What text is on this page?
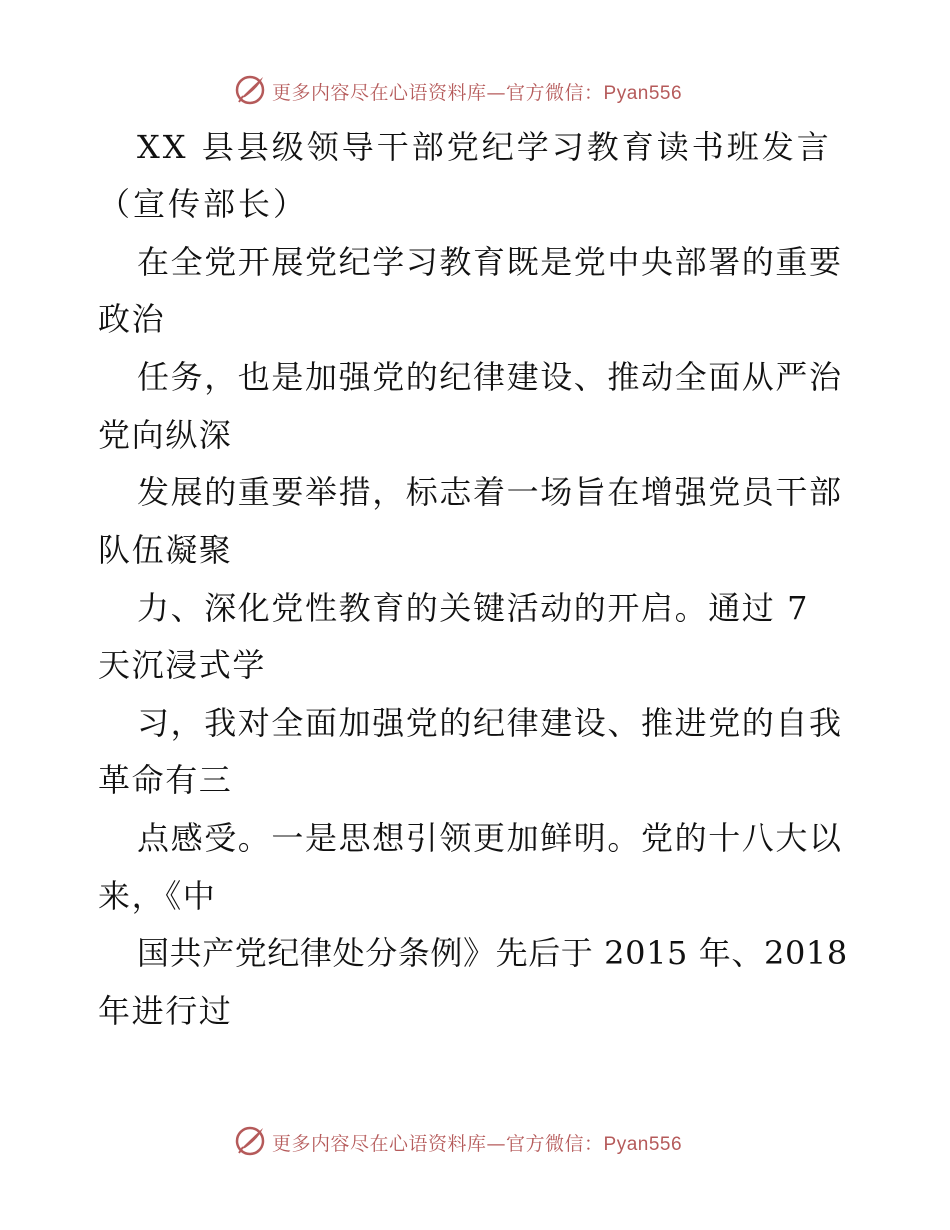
更多内容尽在心语资料库—官方微信：Pyan556
XX 县县级领导干部党纪学习教育读书班发言
（宣传部长）
在全党开展党纪学习教育既是党中央部署的重要
政治
任务，也是加强党的纪律建设、推动全面从严治
党向纵深
发展的重要举措，标志着一场旨在增强党员干部
队伍凝聚
力、深化党性教育的关键活动的开启。通过 7
天沉浸式学
习，我对全面加强党的纪律建设、推进党的自我
革命有三
点感受。一是思想引领更加鲜明。党的十八大以
来，《中
国共产党纪律处分条例》先后于 2015 年、2018
年进行过
更多内容尽在心语资料库—官方微信：Pyan556
